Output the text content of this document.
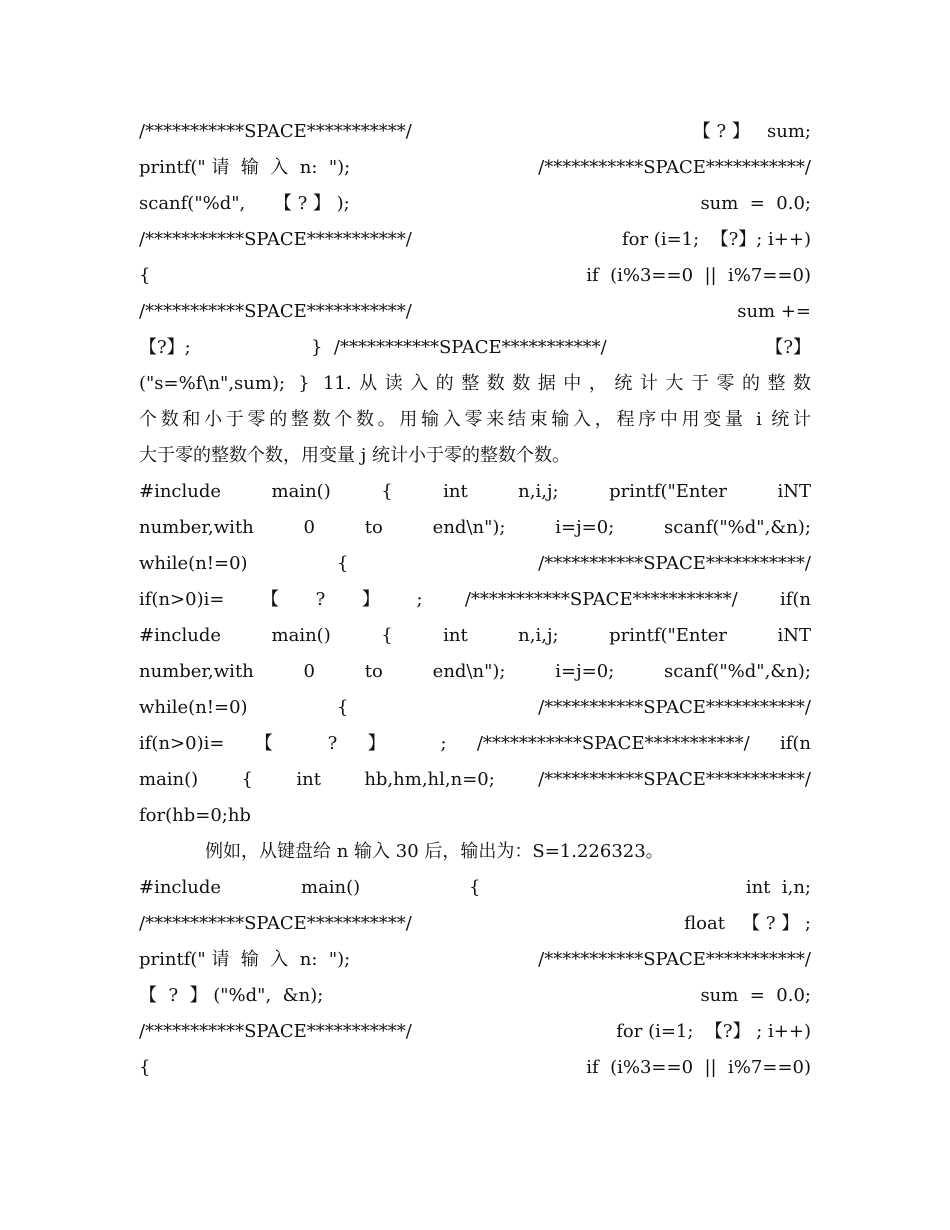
/***********SPACE***********/	【 ? 】   sum;
printf(" 请  输  入  n:  ");	/***********SPACE***********/
scanf("%d",     【 ? 】 );	sum  =  0.0;
/***********SPACE***********/	for (i=1;  【?】; i++)
{	if  (i%3==0  ||  i%7==0)
/***********SPACE***********/	sum +=
【?】;	}  /***********SPACE***********/	【?】
("s=%f\n",sum); } 11.从读入的整数数据中，统计大于零的整数
个数和小于零的整数个数。用输入零来结束输入，程序中用变量 i 统计
大于零的整数个数，用变量 j 统计小于零的整数个数。
#include main() { int n,i,j; printf("Enter iNT
number,with 0 to end\n"); i=j=0; scanf("%d",&n);
while(n!=0)	{	/***********SPACE***********/
if(n>0)i=【?】; /***********SPACE***********/ if(n
#include main() { int n,i,j; printf("Enter iNT
number,with 0 to end\n"); i=j=0; scanf("%d",&n);
while(n!=0)	{	/***********SPACE***********/
if(n>0)i= 【 ? 】 ; /***********SPACE***********/ if(n
main() { int hb,hm,hl,n=0; /***********SPACE***********/
for(hb=0;hb
例如，从键盘给 n 输入 30 后，输出为：S=1.226323。
#include	main()	{	int  i,n;
/***********SPACE***********/	float   【 ? 】 ;
printf(" 请  输  入  n:  ");	/***********SPACE***********/
【  ?  】 ("%d",  &n);	sum  =  0.0;
/***********SPACE***********/	for (i=1;  【?】 ; i++)
{	if  (i%3==0  ||  i%7==0)
